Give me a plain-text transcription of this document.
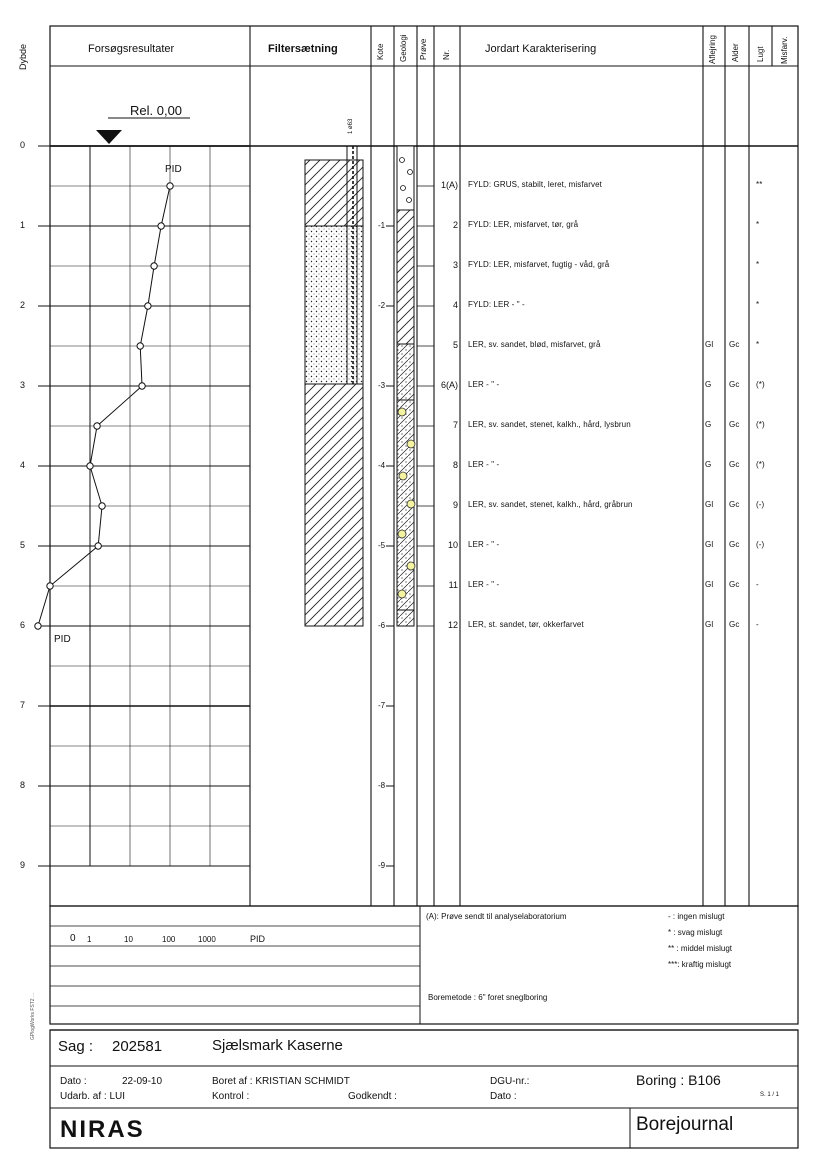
Dybde	Forsøgsresultater	Filtersætning	Kote Geologi Prøve Nr.	Jordart Karakterisering	Aflejring Alder Lugt Misfarv.
Rel. 0,00
PID
PID
1 ø63
0
1
2
3
4
5
6
7
8
9
-1
-2
-3
-4
-5
-6
-7
-8
-9
1(A) FYLD: GRUS, stabilt, leret, misfarvet	**
2 FYLD: LER, misfarvet, tør, grå	*
3 FYLD: LER, misfarvet, fugtig - våd, grå	*
4 FYLD: LER - " -	*
5 LER, sv. sandet, blød, misfarvet, grå	Gl Gc *
6(A) LER - " -	G Gc (*)
7 LER, sv. sandet, stenet, kalkh., hård, lysbrun	G Gc (*)
8 LER - " -	G Gc (*)
9 LER, sv. sandet, stenet, kalkh., hård, gråbrun	Gl Gc (-)
10 LER - " -	Gl Gc (-)
11 LER - " -	Gl Gc -
12 LER, st. sandet, tør, okkerfarvet	Gl Gc -
0 1	10	100	1000	PID
(A): Prøve sendt til analyselaboratorium
Boremetode : 6" foret sneglboring
- : ingen mislugt
* : svag mislugt
** : middel mislugt
***: kraftig mislugt
GPlogWorks FST2 ...
Sag : 202581	Sjælsmark Kaserne
Dato :	22-09-10
Udarb. af : LUI
Boret af : KRISTIAN SCHMIDT
Kontrol :	Godkendt :
DGU-nr.:
Dato :
Boring : B106
S. 1 / 1
NIRAS	Borejournal
